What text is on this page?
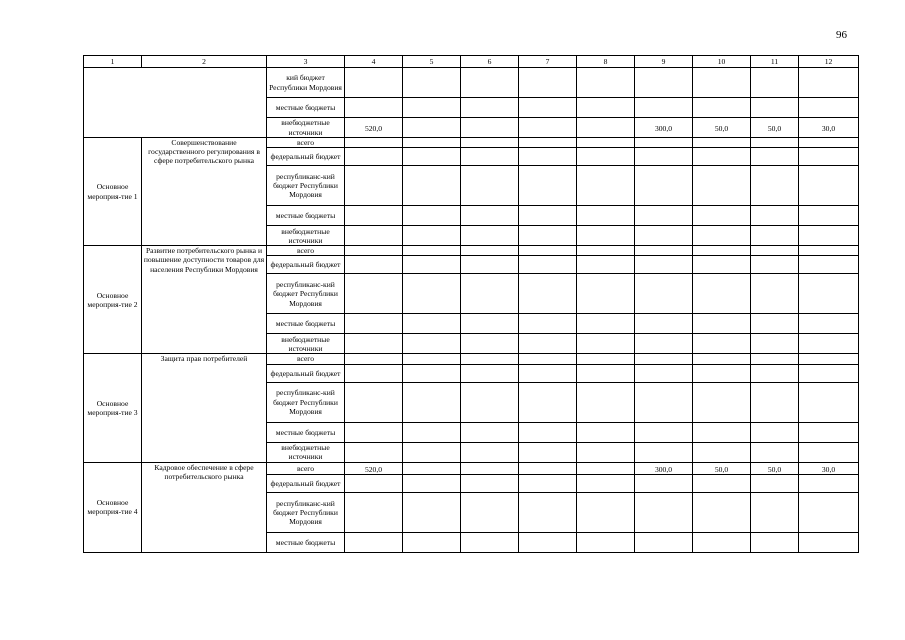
96
1	2	3	4	5	6	7	8	9	10	11	12
		кий бюджет Республики Мордовия									
		местные бюджеты									
		внебюджетные источники	520,0					300,0	50,0	50,0	30,0
Основное мероприя-тие 1	Совершенствование государственного регулирования в сфере потребительского рынка	всего									
		федеральный бюджет									
		республиканс-кий бюджет Республики Мордовия									
		местные бюджеты									
		внебюджетные источники									
Основное мероприя-тие 2	Развитие потребительского рынка и повышение доступности товаров для населения Республики Мордовия	всего									
		федеральный бюджет									
		республиканс-кий бюджет Республики Мордовия									
		местные бюджеты									
		внебюджетные источники									
Основное мероприя-тие 3	Защита прав потребителей	всего									
		федеральный бюджет									
		республиканс-кий бюджет Республики Мордовия									
		местные бюджеты									
		внебюджетные источники									
Основное мероприя-тие 4	Кадровое обеспечение в сфере потребительского рынка	всего	520,0					300,0	50,0	50,0	30,0
		федеральный бюджет									
		республиканс-кий бюджет Республики Мордовия									
		местные бюджеты									
